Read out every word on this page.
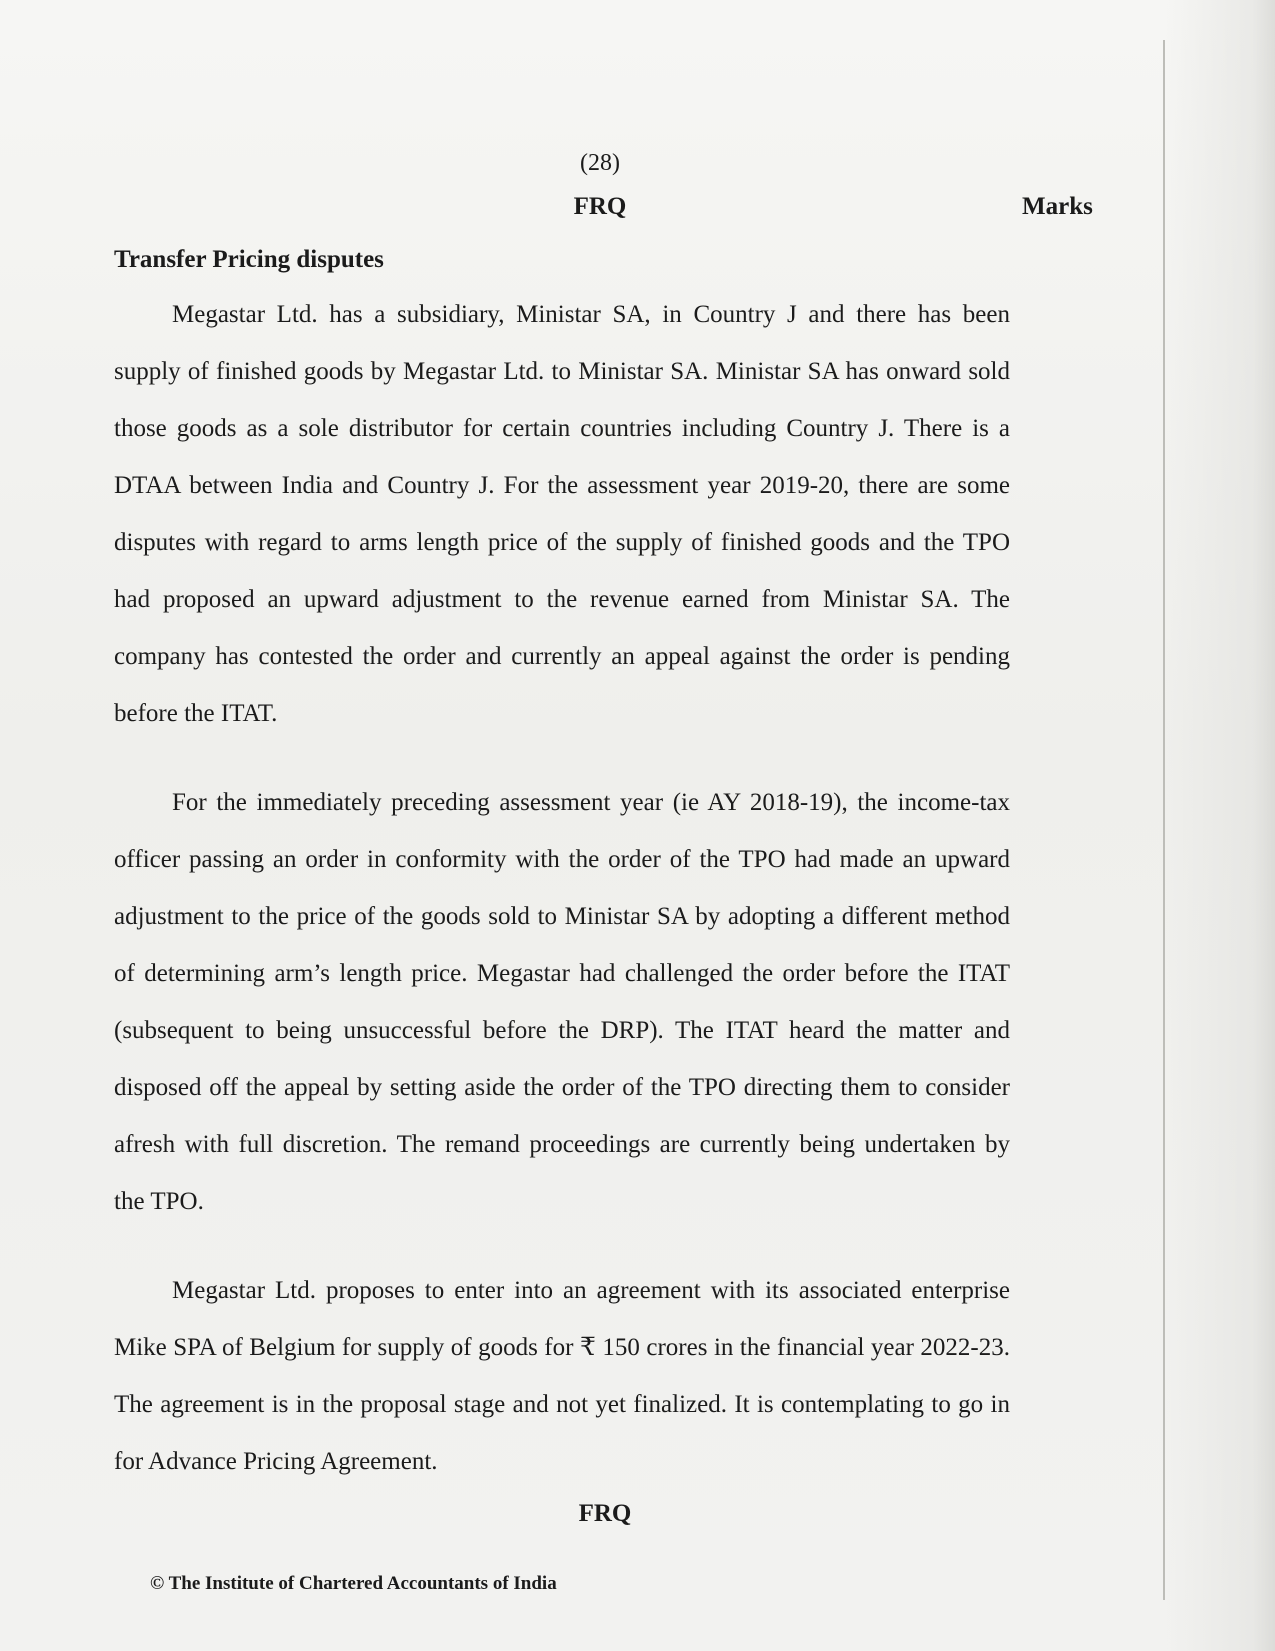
(28)
FRQ	Marks
Transfer Pricing disputes

Megastar Ltd. has a subsidiary, Ministar SA, in Country J and there has been supply of finished goods by Megastar Ltd. to Ministar SA. Ministar SA has onward sold those goods as a sole distributor for certain countries including Country J. There is a DTAA between India and Country J. For the assessment year 2019-20, there are some disputes with regard to arms length price of the supply of finished goods and the TPO had proposed an upward adjustment to the revenue earned from Ministar SA. The company has contested the order and currently an appeal against the order is pending before the ITAT.

For the immediately preceding assessment year (ie AY 2018-19), the income-tax officer passing an order in conformity with the order of the TPO had made an upward adjustment to the price of the goods sold to Ministar SA by adopting a different method of determining arm’s length price. Megastar had challenged the order before the ITAT (subsequent to being unsuccessful before the DRP). The ITAT heard the matter and disposed off the appeal by setting aside the order of the TPO directing them to consider afresh with full discretion. The remand proceedings are currently being undertaken by the TPO.

Megastar Ltd. proposes to enter into an agreement with its associated enterprise Mike SPA of Belgium for supply of goods for ₹ 150 crores in the financial year 2022-23. The agreement is in the proposal stage and not yet finalized. It is contemplating to go in for Advance Pricing Agreement.

FRQ
© The Institute of Chartered Accountants of India
